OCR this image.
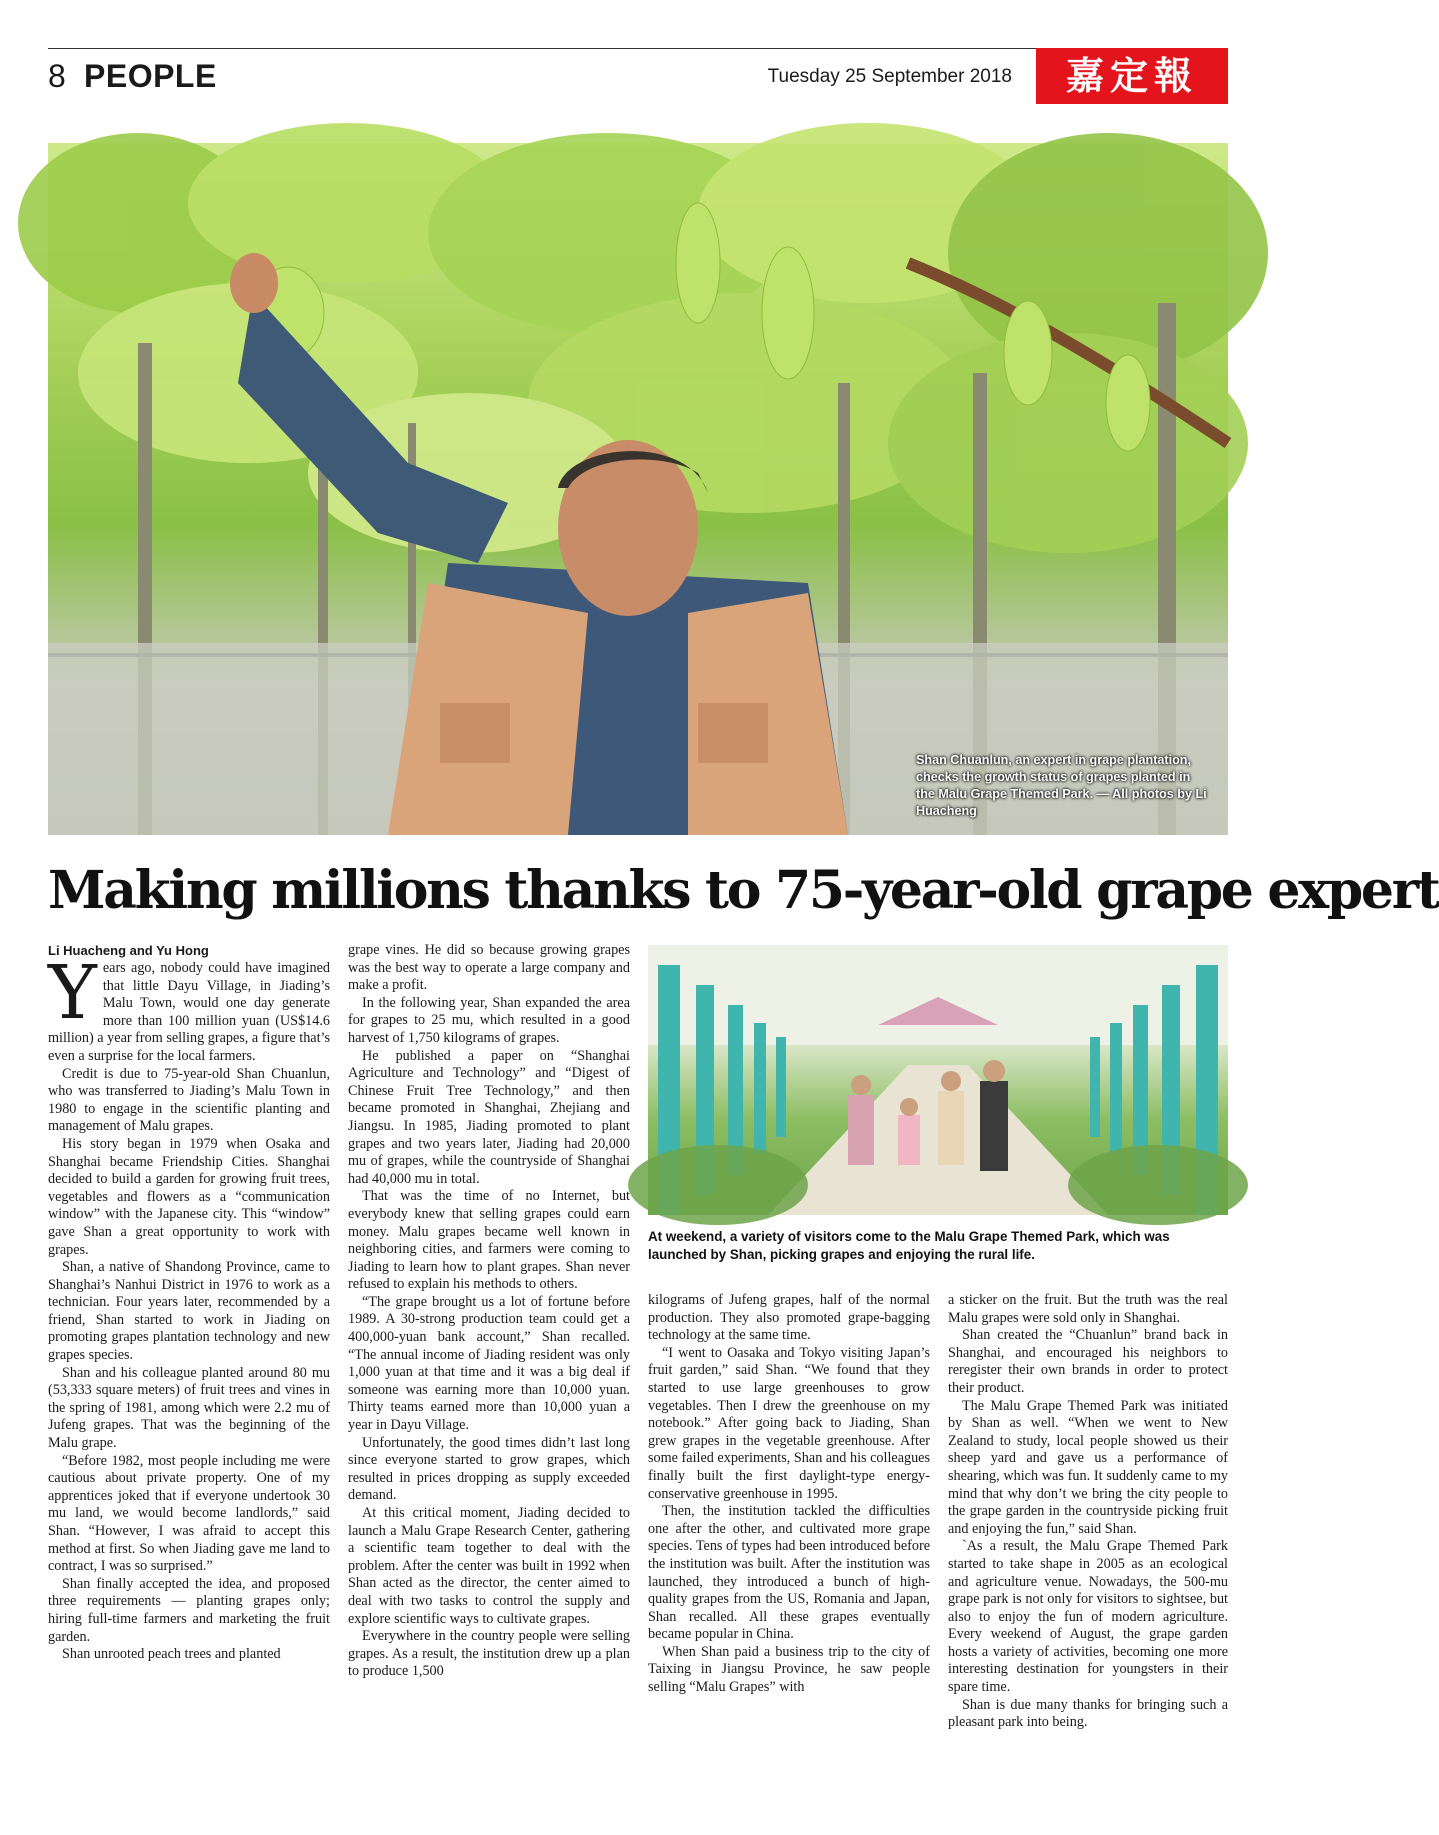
8 PEOPLE	Tuesday 25 September 2018	嘉定報
Shan Chuanlun, an expert in grape plantation, checks the growth status of grapes planted in the Malu Grape Themed Park. — All photos by Li Huacheng
Making millions thanks to 75-year-old grape expert

Li Huacheng and Yu Hong

Years ago, nobody could have imagined that little Dayu Village, in Jiading’s Malu Town, would one day generate more than 100 million yuan (US$14.6 million) a year from selling grapes, a figure that’s even a surprise for the local farmers.

Credit is due to 75-year-old Shan Chuanlun, who was transferred to Jiading’s Malu Town in 1980 to engage in the scientific planting and management of Malu grapes.

His story began in 1979 when Osaka and Shanghai became Friendship Cities. Shanghai decided to build a garden for growing fruit trees, vegetables and flowers as a “communication window” with the Japanese city. This “window” gave Shan a great opportunity to work with grapes.

Shan, a native of Shandong Province, came to Shanghai’s Nanhui District in 1976 to work as a technician. Four years later, recommended by a friend, Shan started to work in Jiading on promoting grapes plantation technology and new grapes species.

Shan and his colleague planted around 80 mu (53,333 square meters) of fruit trees and vines in the spring of 1981, among which were 2.2 mu of Jufeng grapes. That was the beginning of the Malu grape.

“Before 1982, most people including me were cautious about private property. One of my apprentices joked that if everyone undertook 30 mu land, we would become landlords,” said Shan. “However, I was afraid to accept this method at first. So when Jiading gave me land to contract, I was so surprised.”

Shan finally accepted the idea, and proposed three requirements — planting grapes only; hiring full-time farmers and marketing the fruit garden.

Shan unrooted peach trees and planted

grape vines. He did so because growing grapes was the best way to operate a large company and make a profit.

In the following year, Shan expanded the area for grapes to 25 mu, which resulted in a good harvest of 1,750 kilograms of grapes.

He published a paper on “Shanghai Agriculture and Technology” and “Digest of Chinese Fruit Tree Technology,” and then became promoted in Shanghai, Zhejiang and Jiangsu. In 1985, Jiading promoted to plant grapes and two years later, Jiading had 20,000 mu of grapes, while the countryside of Shanghai had 40,000 mu in total.

That was the time of no Internet, but everybody knew that selling grapes could earn money. Malu grapes became well known in neighboring cities, and farmers were coming to Jiading to learn how to plant grapes. Shan never refused to explain his methods to others.

“The grape brought us a lot of fortune before 1989. A 30-strong production team could get a 400,000-yuan bank account,” Shan recalled. “The annual income of Jiading resident was only 1,000 yuan at that time and it was a big deal if someone was earning more than 10,000 yuan. Thirty teams earned more than 10,000 yuan a year in Dayu Village.

Unfortunately, the good times didn’t last long since everyone started to grow grapes, which resulted in prices dropping as supply exceeded demand.

At this critical moment, Jiading decided to launch a Malu Grape Research Center, gathering a scientific team together to deal with the problem. After the center was built in 1992 when Shan acted as the director, the center aimed to deal with two tasks to control the supply and explore scientific ways to cultivate grapes.

Everywhere in the country people were selling grapes. As a result, the institution drew up a plan to produce 1,500

At weekend, a variety of visitors come to the Malu Grape Themed Park, which was launched by Shan, picking grapes and enjoying the rural life.

kilograms of Jufeng grapes, half of the normal production. They also promoted grape-bagging technology at the same time.

“I went to Oasaka and Tokyo visiting Japan’s fruit garden,” said Shan. “We found that they started to use large greenhouses to grow vegetables. Then I drew the greenhouse on my notebook.” After going back to Jiading, Shan grew grapes in the vegetable greenhouse. After some failed experiments, Shan and his colleagues finally built the first daylight-type energy-conservative greenhouse in 1995.

Then, the institution tackled the difficulties one after the other, and cultivated more grape species. Tens of types had been introduced before the institution was built. After the institution was launched, they introduced a bunch of high-quality grapes from the US, Romania and Japan, Shan recalled. All these grapes eventually became popular in China.

When Shan paid a business trip to the city of Taixing in Jiangsu Province, he saw people selling “Malu Grapes” with

a sticker on the fruit. But the truth was the real Malu grapes were sold only in Shanghai.

Shan created the “Chuanlun” brand back in Shanghai, and encouraged his neighbors to reregister their own brands in order to protect their product.

The Malu Grape Themed Park was initiated by Shan as well. “When we went to New Zealand to study, local people showed us their sheep yard and gave us a performance of shearing, which was fun. It suddenly came to my mind that why don’t we bring the city people to the grape garden in the countryside picking fruit and enjoying the fun,” said Shan.

`As a result, the Malu Grape Themed Park started to take shape in 2005 as an ecological and agriculture venue. Nowadays, the 500-mu grape park is not only for visitors to sightsee, but also to enjoy the fun of modern agriculture. Every weekend of August, the grape garden hosts a variety of activities, becoming one more interesting destination for youngsters in their spare time.

Shan is due many thanks for bringing such a pleasant park into being.
